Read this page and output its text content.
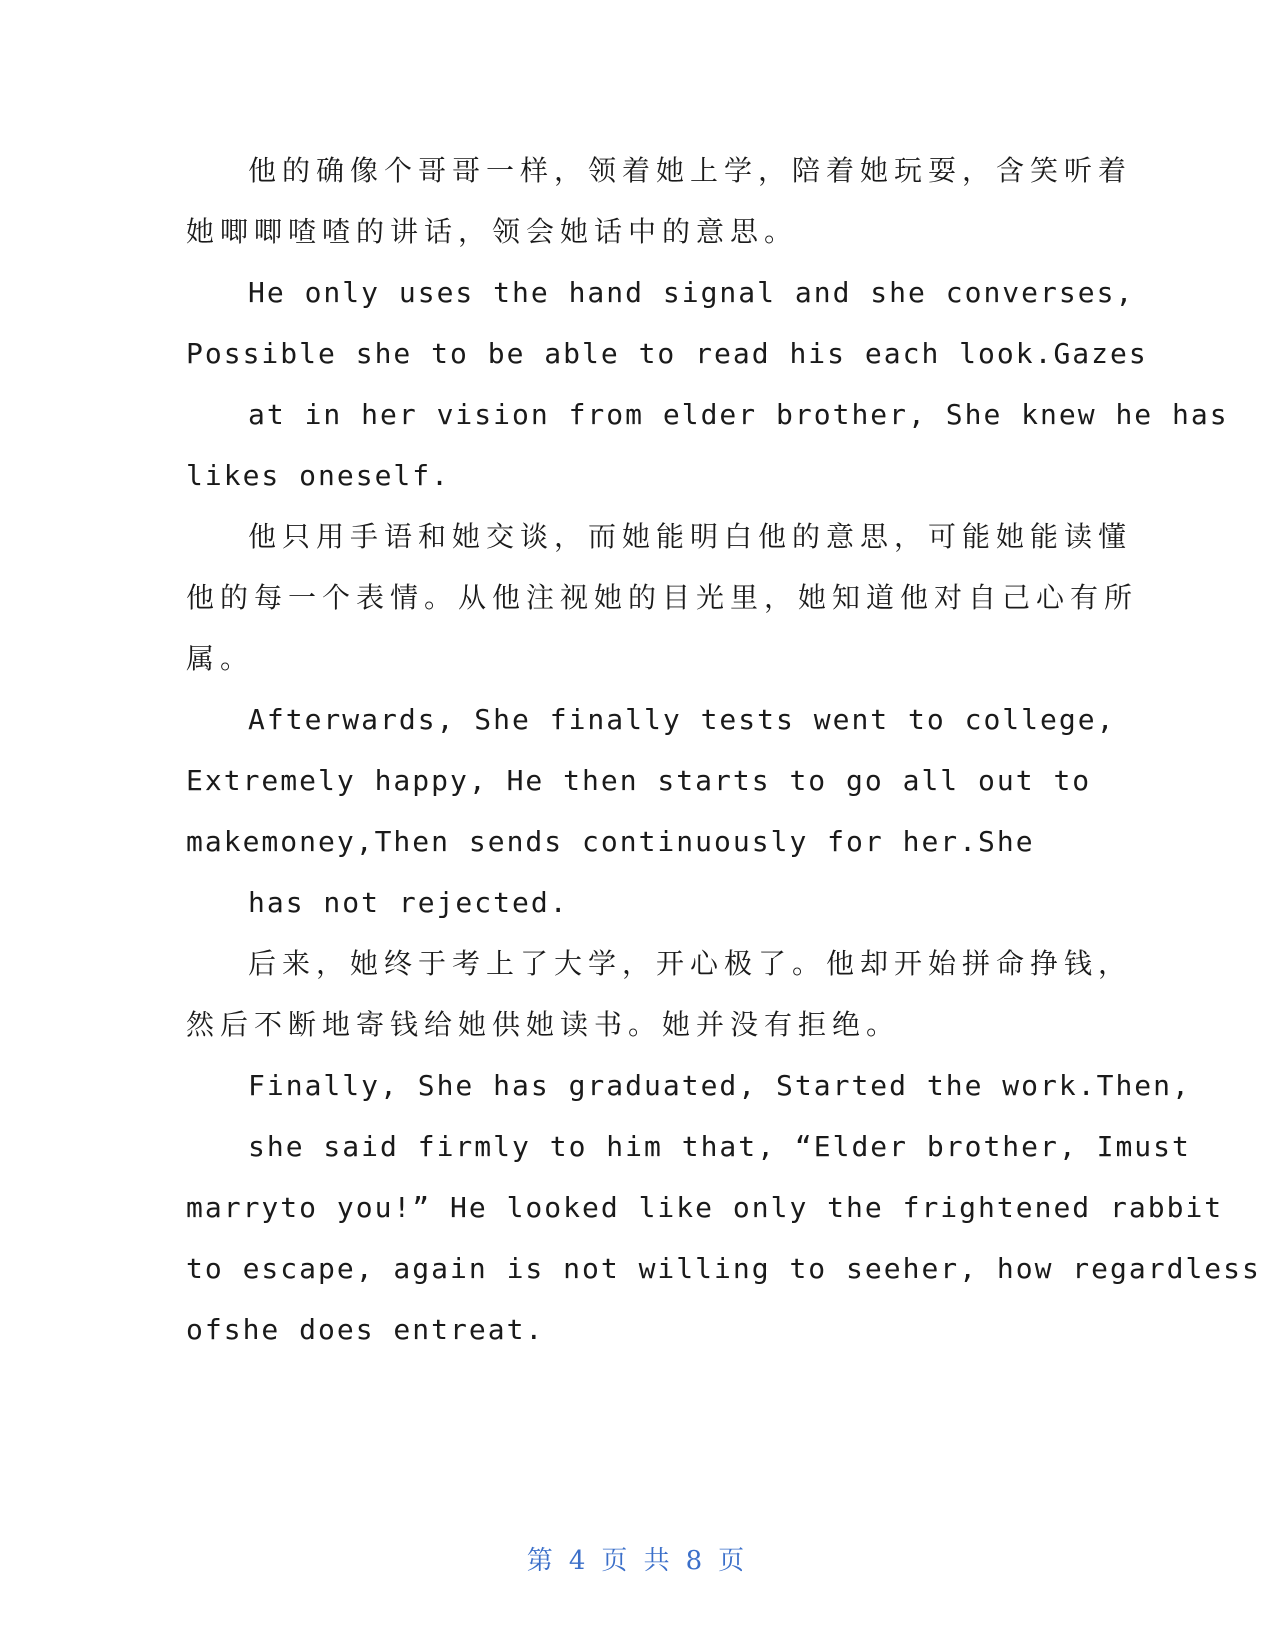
他的确像个哥哥一样，领着她上学，陪着她玩耍，含笑听着
她唧唧喳喳的讲话，领会她话中的意思。
He only uses the hand signal and she converses,
Possible she to be able to read his each look.Gazes
at in her vision from elder brother, She knew he has
likes oneself.
他只用手语和她交谈，而她能明白他的意思，可能她能读懂
他的每一个表情。从他注视她的目光里，她知道他对自己心有所
属。
Afterwards, She finally tests went to college,
Extremely happy, He then starts to go all out to
makemoney,Then sends continuously for her.She
has not rejected.
后来，她终于考上了大学，开心极了。他却开始拼命挣钱，
然后不断地寄钱给她供她读书。她并没有拒绝。
Finally, She has graduated, Started the work.Then,
she said firmly to him that, “Elder brother, Imust
marryto you!” He looked like only the frightened rabbit
to escape, again is not willing to seeher, how regardless
ofshe does entreat.
第 4 页 共 8 页
